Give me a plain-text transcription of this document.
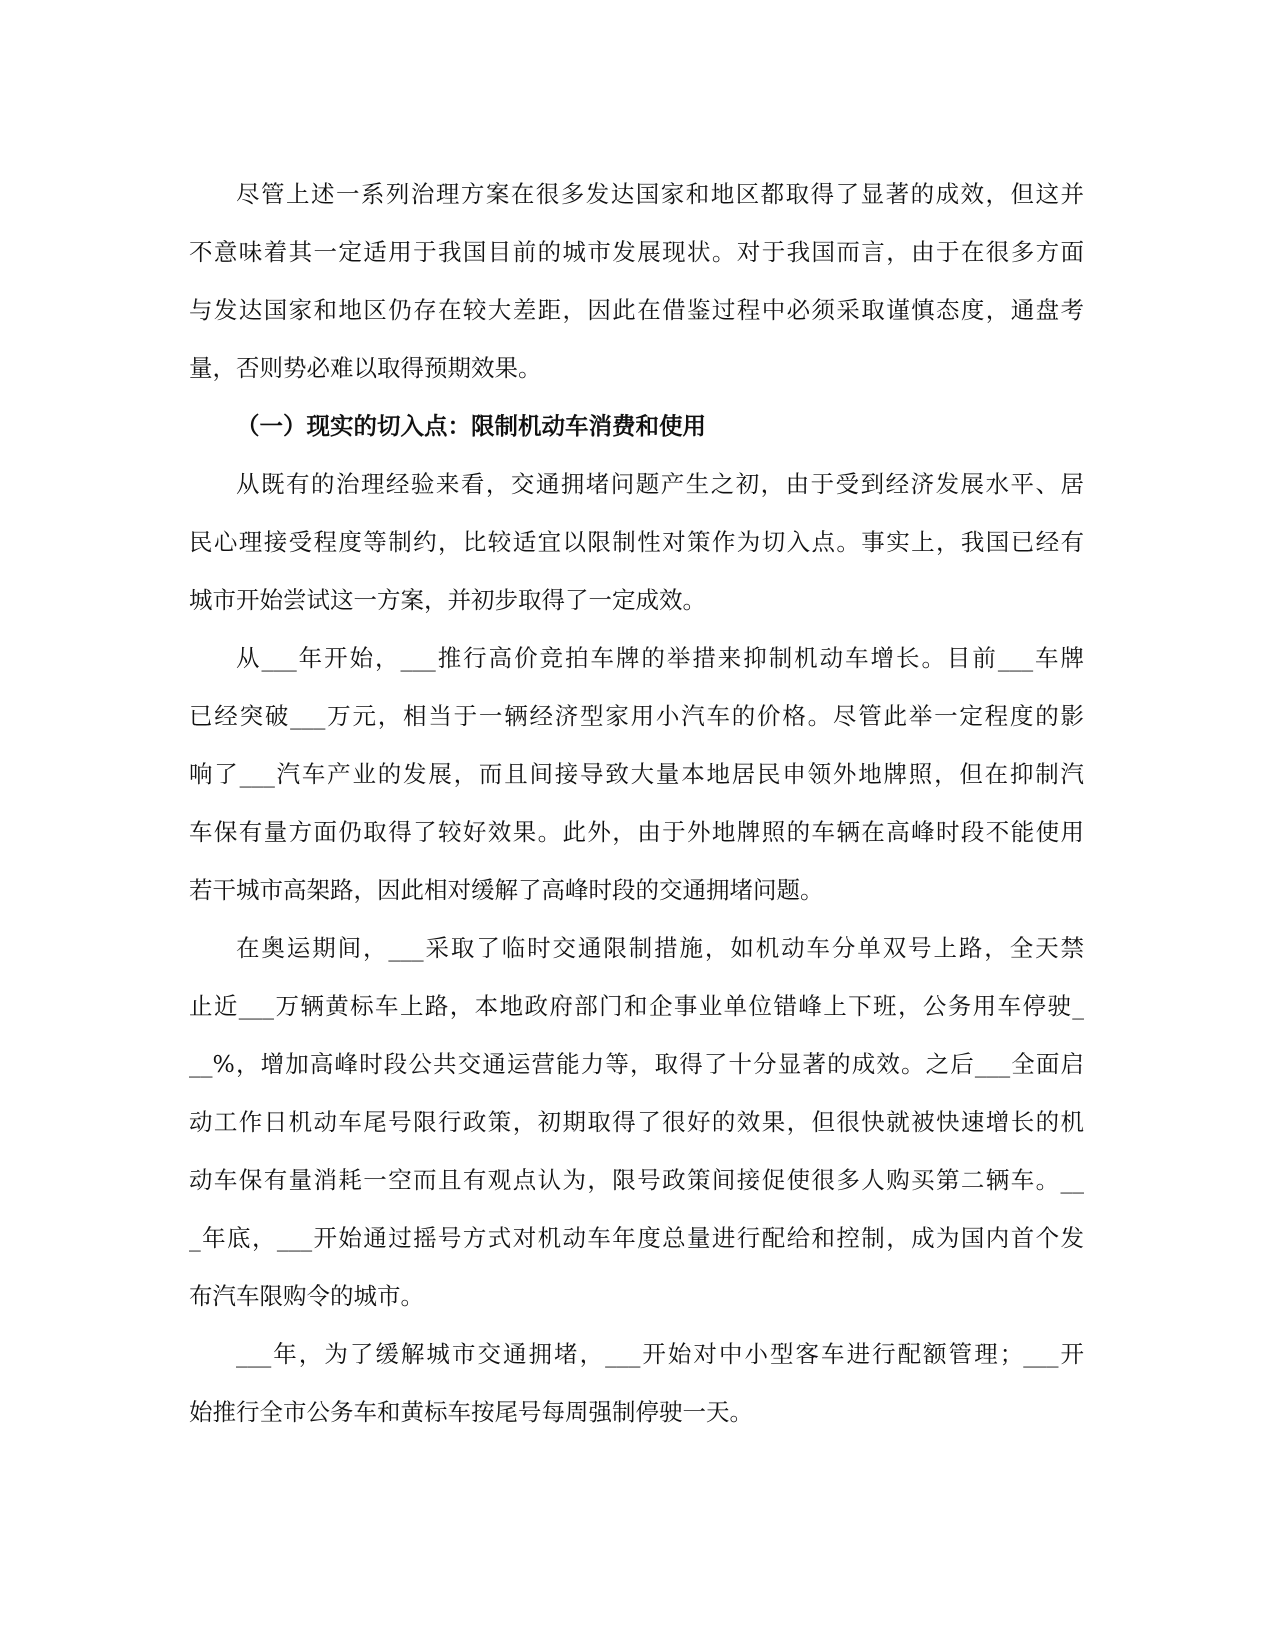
尽管上述一系列治理方案在很多发达国家和地区都取得了显著的成效，但这并
不意味着其一定适用于我国目前的城市发展现状。对于我国而言，由于在很多方面
与发达国家和地区仍存在较大差距，因此在借鉴过程中必须采取谨慎态度，通盘考
量，否则势必难以取得预期效果。
（一）现实的切入点：限制机动车消费和使用
从既有的治理经验来看，交通拥堵问题产生之初，由于受到经济发展水平、居
民心理接受程度等制约，比较适宜以限制性对策作为切入点。事实上，我国已经有
城市开始尝试这一方案，并初步取得了一定成效。
从___年开始，___推行高价竞拍车牌的举措来抑制机动车增长。目前___车牌
已经突破___万元，相当于一辆经济型家用小汽车的价格。尽管此举一定程度的影
响了___汽车产业的发展，而且间接导致大量本地居民申领外地牌照，但在抑制汽
车保有量方面仍取得了较好效果。此外，由于外地牌照的车辆在高峰时段不能使用
若干城市高架路，因此相对缓解了高峰时段的交通拥堵问题。
在奥运期间，___采取了临时交通限制措施，如机动车分单双号上路，全天禁
止近___万辆黄标车上路，本地政府部门和企事业单位错峰上下班，公务用车停驶_
__%，增加高峰时段公共交通运营能力等，取得了十分显著的成效。之后___全面启
动工作日机动车尾号限行政策，初期取得了很好的效果，但很快就被快速增长的机
动车保有量消耗一空而且有观点认为，限号政策间接促使很多人购买第二辆车。__
_年底，___开始通过摇号方式对机动车年度总量进行配给和控制，成为国内首个发
布汽车限购令的城市。
___年，为了缓解城市交通拥堵，___开始对中小型客车进行配额管理；___开
始推行全市公务车和黄标车按尾号每周强制停驶一天。
